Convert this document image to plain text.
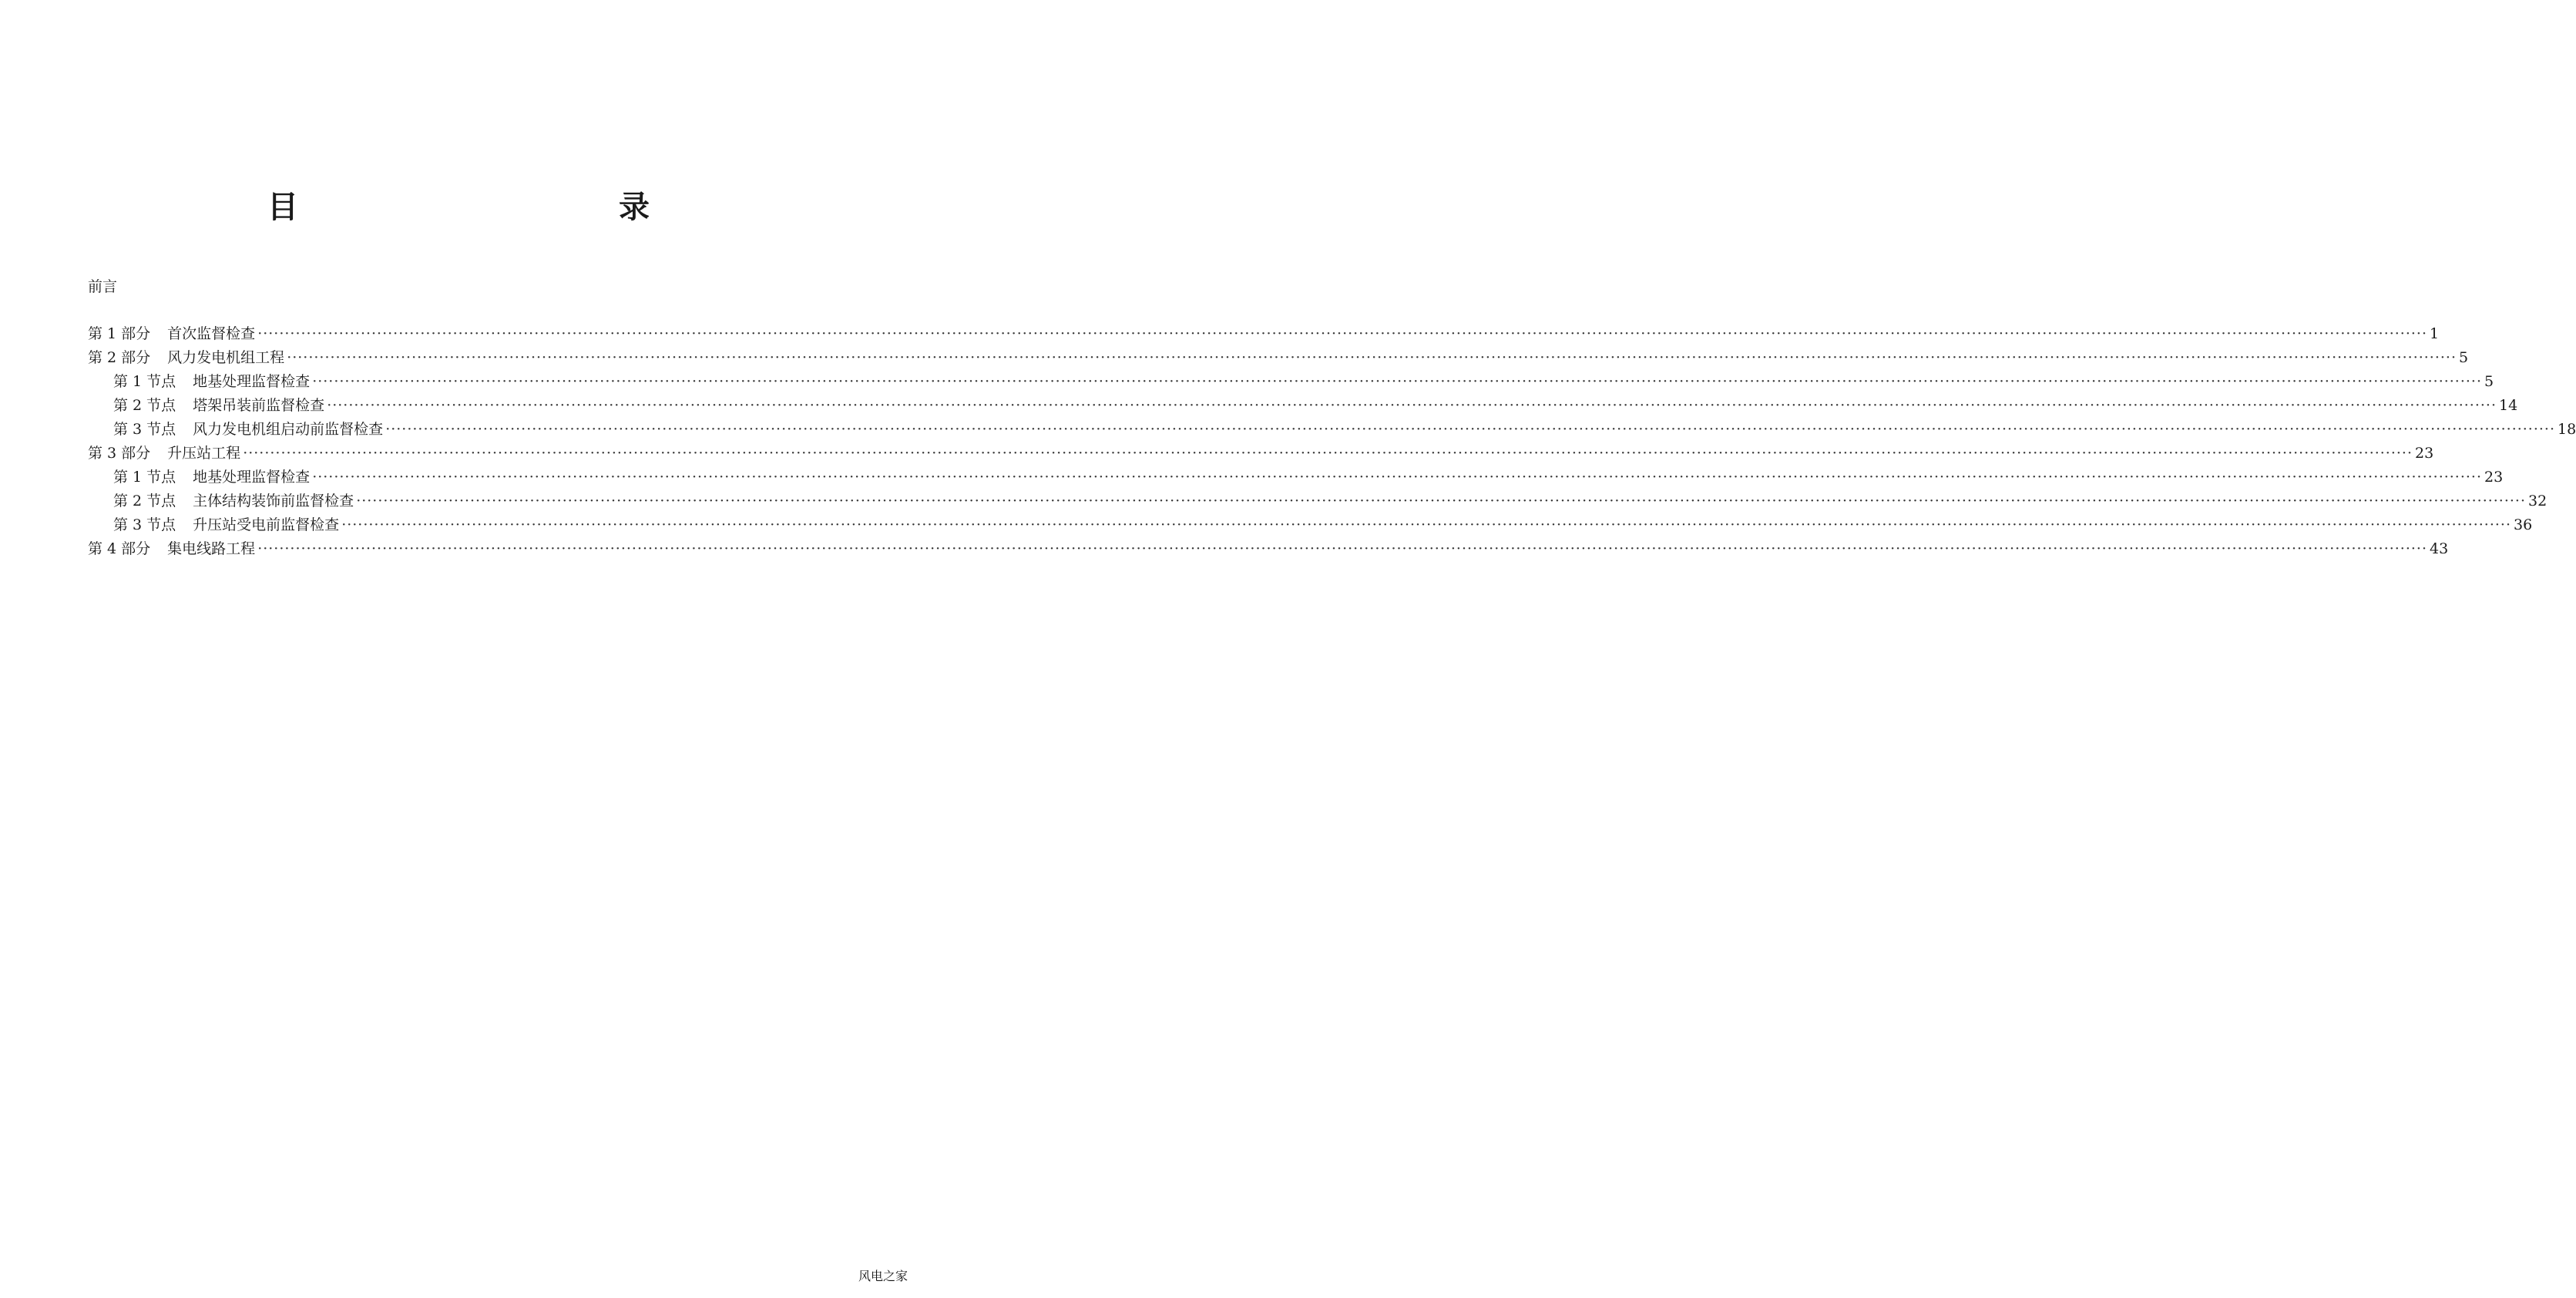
目　　录
前言
第 1 部分 首次监督检查 ················································································································································································································································································································································································································ 1
第 2 部分 风力发电机组工程 ················································································································································································································································································································································································································ 5
第 1 节点 地基处理监督检查 ················································································································································································································································································································································································································ 5
第 2 节点 塔架吊装前监督检查 ················································································································································································································································································································································································································ 14
第 3 节点 风力发电机组启动前监督检查 ················································································································································································································································································································································································································ 18
第 3 部分 升压站工程 ················································································································································································································································································································································································································ 23
第 1 节点 地基处理监督检查 ················································································································································································································································································································································································································ 23
第 2 节点 主体结构装饰前监督检查 ················································································································································································································································································································································································································ 32
第 3 节点 升压站受电前监督检查 ················································································································································································································································································································································································································ 36
第 4 部分 集电线路工程 ················································································································································································································································································································································································································ 43
风电之家
